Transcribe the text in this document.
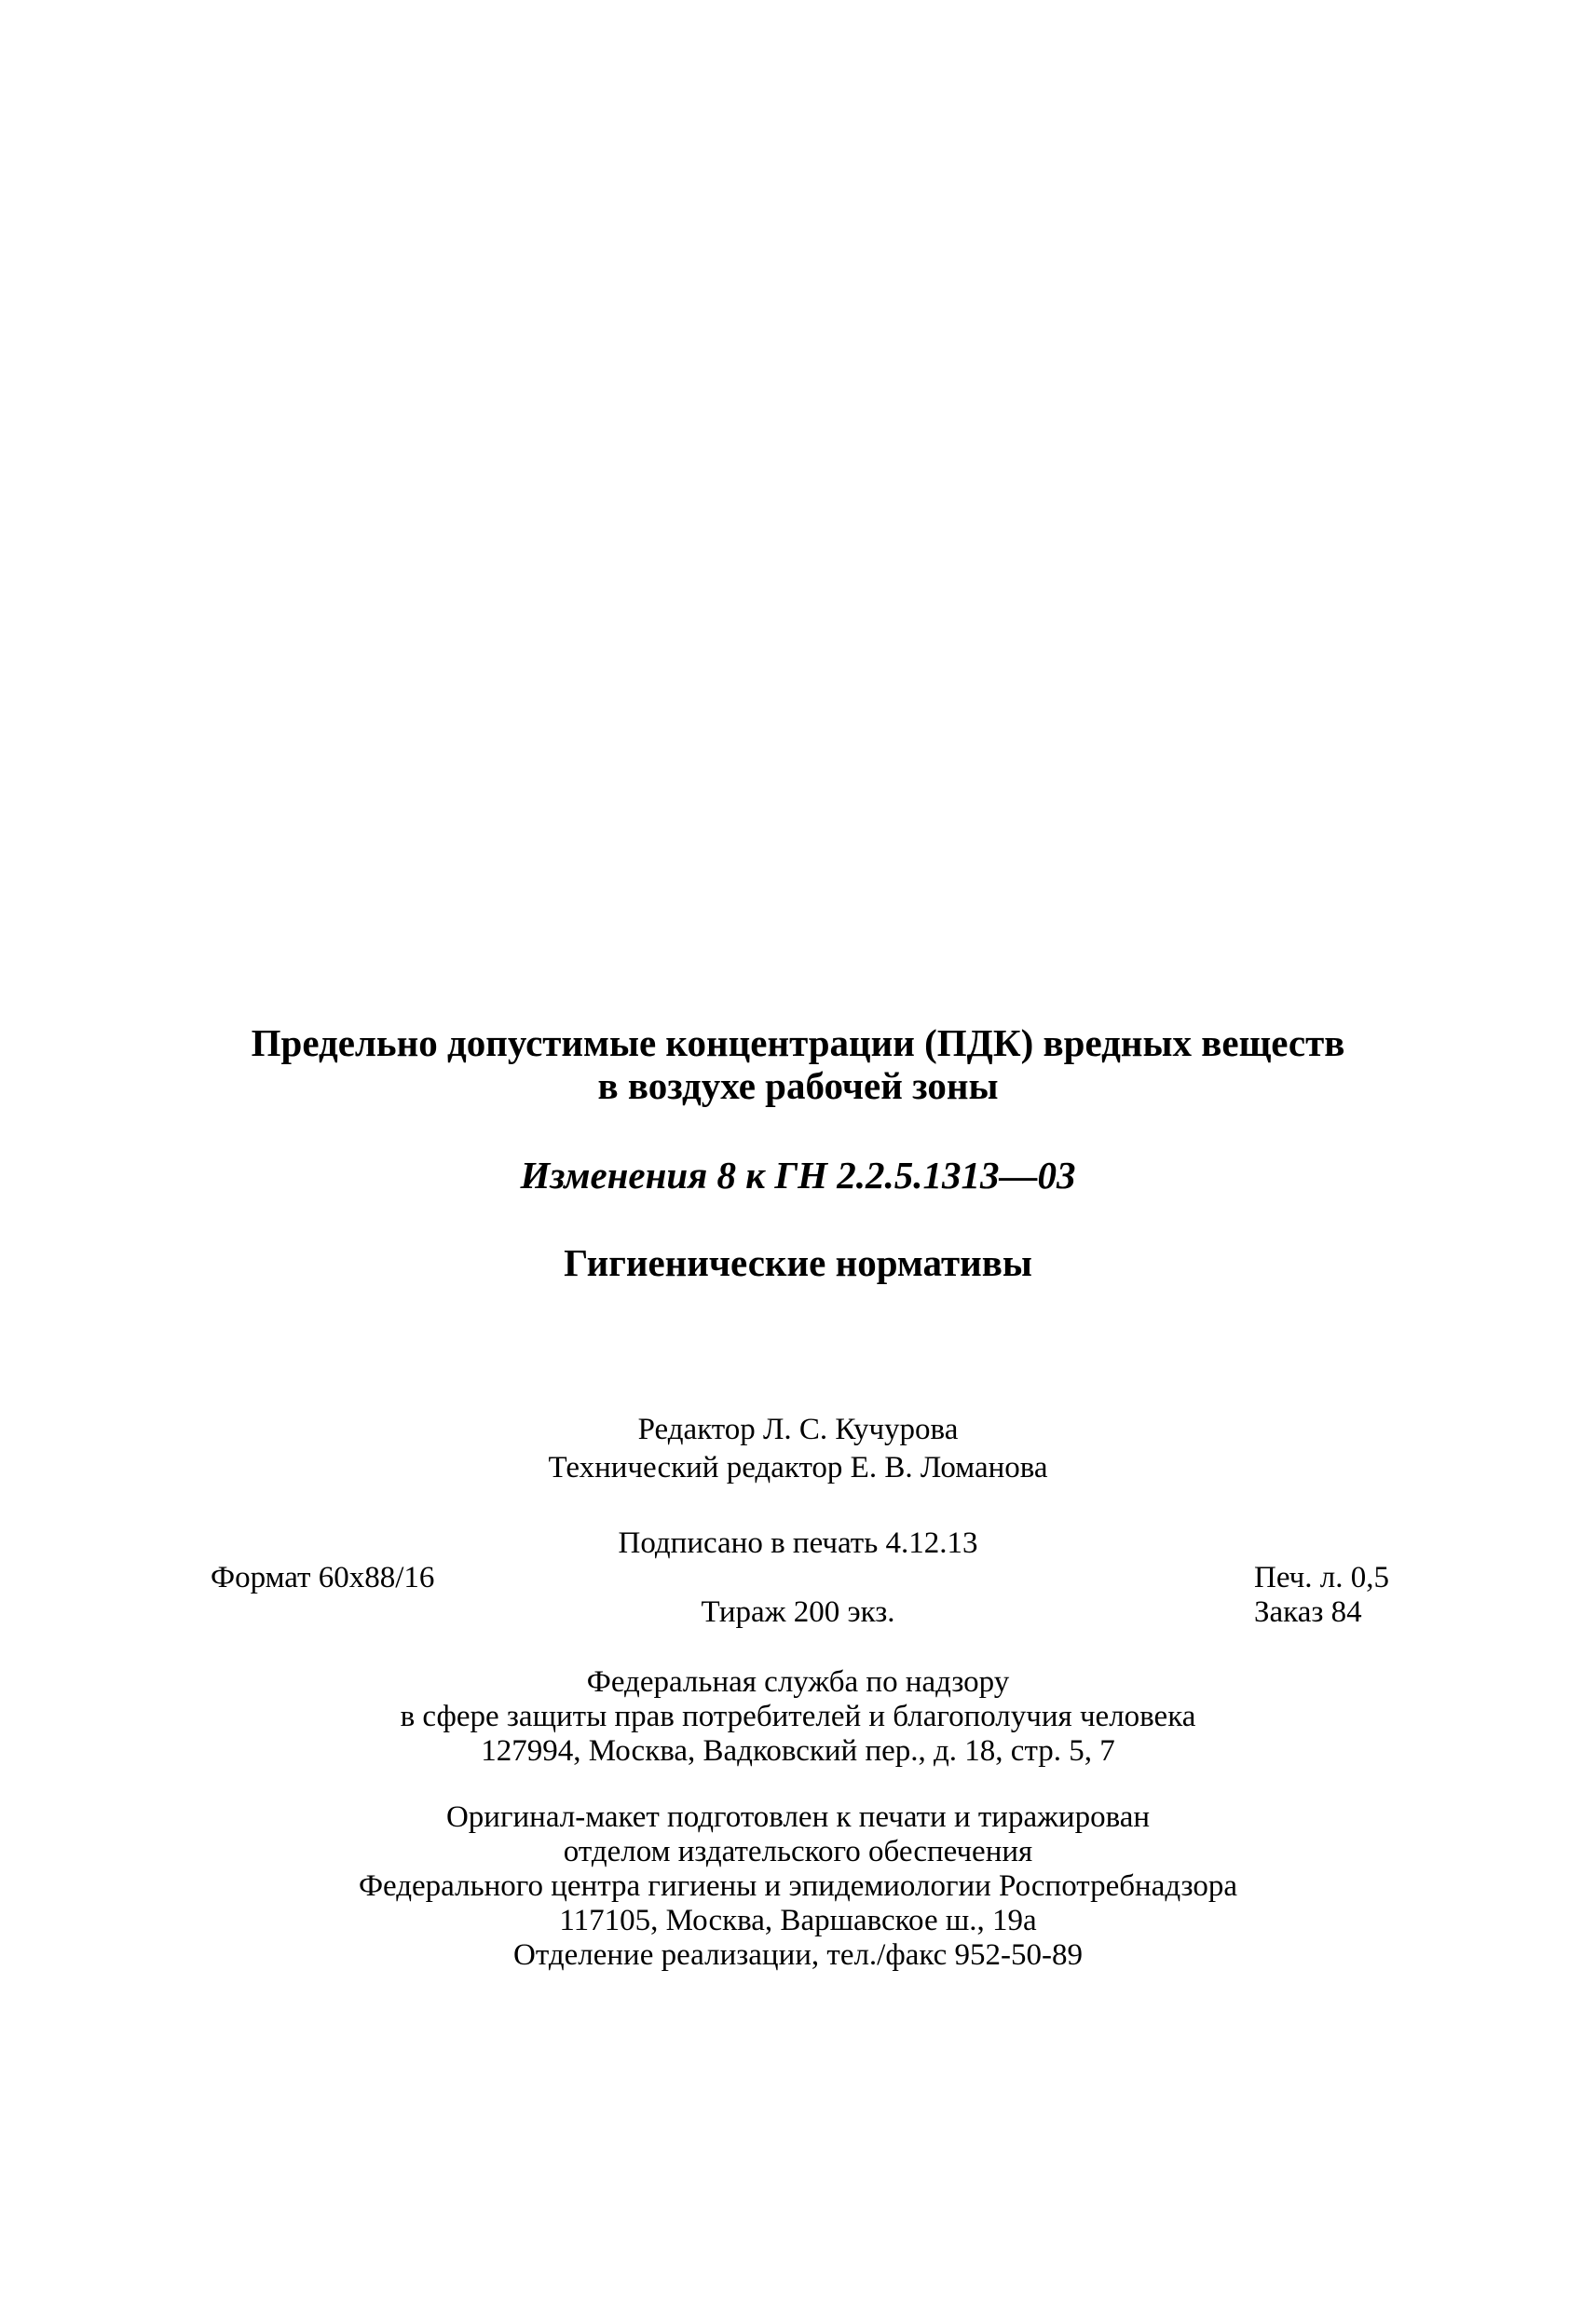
Предельно допустимые концентрации (ПДК) вредных веществ
в воздухе рабочей зоны
Изменения 8 к ГН 2.2.5.1313—03
Гигиенические нормативы
Редактор Л. С. Кучурова
Технический редактор Е. В. Ломанова
Подписано в печать 4.12.13
Формат 60x88/16	Печ. л. 0,5
Тираж 200 экз.	Заказ 84
Федеральная служба по надзору
в сфере защиты прав потребителей и благополучия человека
127994, Москва, Вадковский пер., д. 18, стр. 5, 7
Оригинал-макет подготовлен к печати и тиражирован
отделом издательского обеспечения
Федерального центра гигиены и эпидемиологии Роспотребнадзора
117105, Москва, Варшавское ш., 19а
Отделение реализации, тел./факс 952-50-89
